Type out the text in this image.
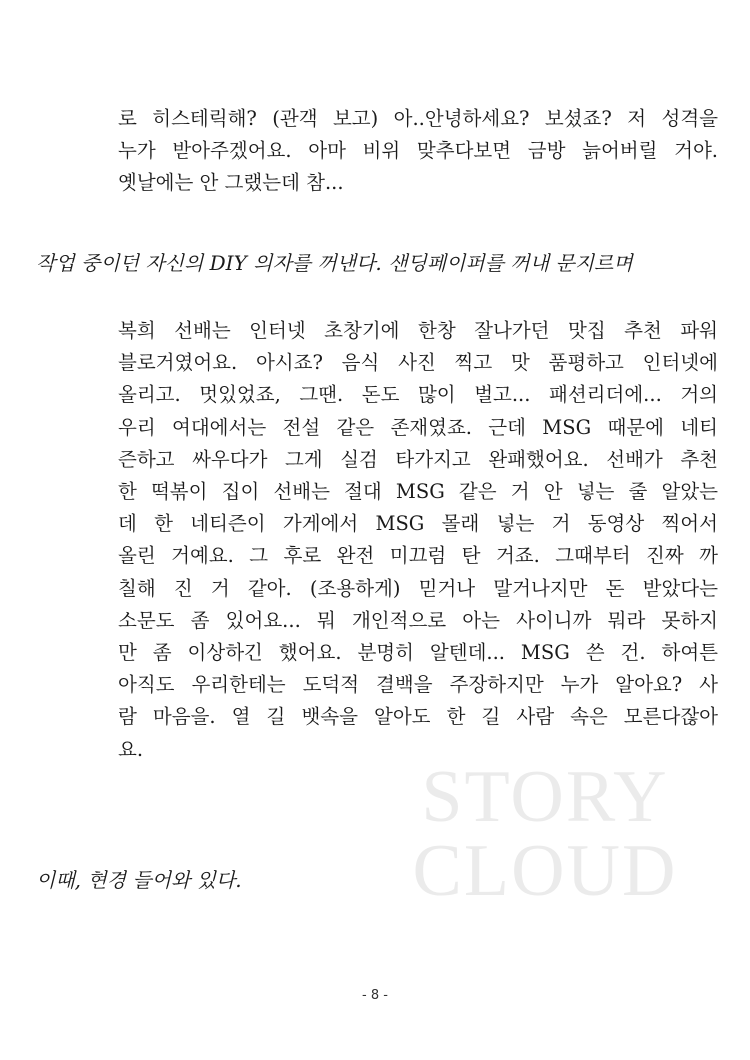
로 히스테릭해? (관객 보고) 아..안녕하세요? 보셨죠? 저 성격을
누가 받아주겠어요. 아마 비위 맞추다보면 금방 늙어버릴 거야.
옛날에는 안 그랬는데 참...
작업 중이던 자신의 DIY 의자를 꺼낸다. 샌딩페이퍼를 꺼내 문지르며
복희 선배는 인터넷 초창기에 한창 잘나가던 맛집 추천 파워
블로거였어요. 아시죠? 음식 사진 찍고 맛 품평하고 인터넷에
올리고. 멋있었죠, 그땐. 돈도 많이 벌고... 패션리더에... 거의
우리 여대에서는 전설 같은 존재였죠. 근데 MSG 때문에 네티
즌하고 싸우다가 그게 실검 타가지고 완패했어요. 선배가 추천
한 떡볶이 집이 선배는 절대 MSG 같은 거 안 넣는 줄 알았는
데 한 네티즌이 가게에서 MSG 몰래 넣는 거 동영상 찍어서
올린 거예요. 그 후로 완전 미끄럼 탄 거죠. 그때부터 진짜 까
칠해 진 거 같아. (조용하게) 믿거나 말거나지만 돈 받았다는
소문도 좀 있어요... 뭐 개인적으로 아는 사이니까 뭐라 못하지
만 좀 이상하긴 했어요. 분명히 알텐데... MSG 쓴 건. 하여튼
아직도 우리한테는 도덕적 결백을 주장하지만 누가 알아요? 사
람 마음을. 열 길 뱃속을 알아도 한 길 사람 속은 모른다잖아
요.
STORY
CLOUD
이때, 현경 들어와 있다.
- 8 -
